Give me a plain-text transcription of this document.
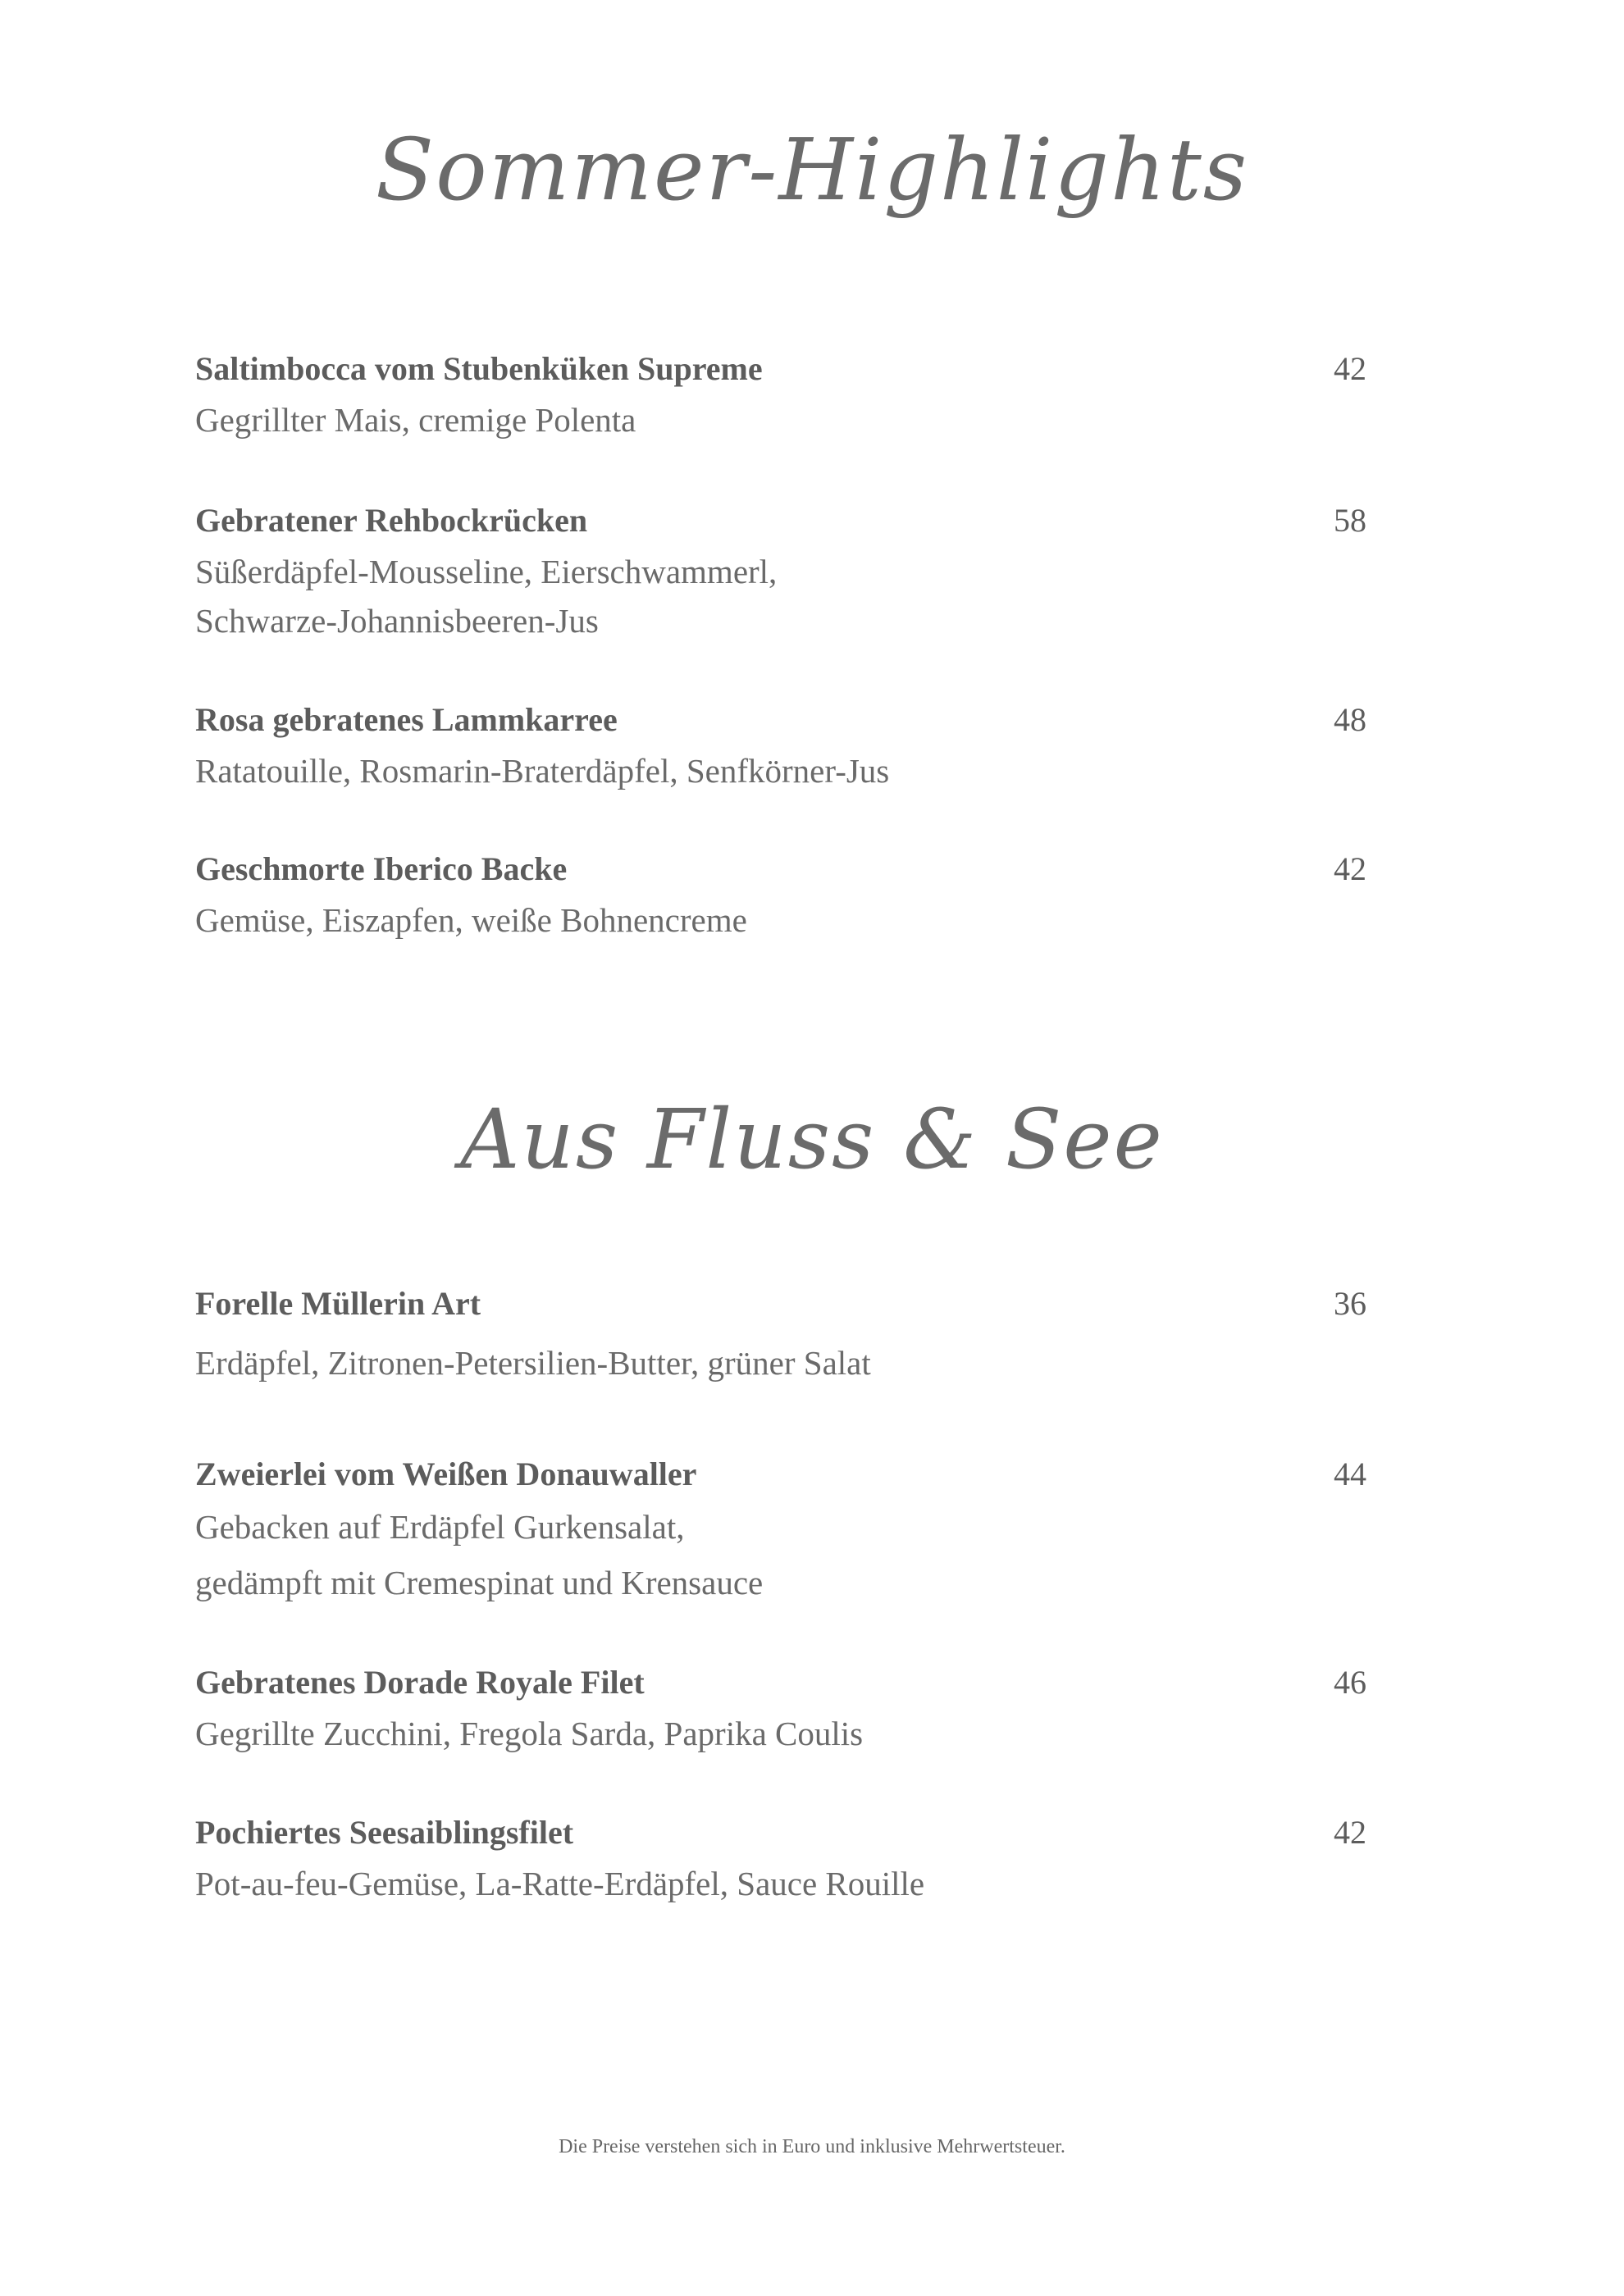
Sommer-Highlights
Saltimbocca vom Stubenküken Supreme	42
Gegrillter Mais, cremige Polenta
Gebratener Rehbockrücken	58
Süßerdäpfel-Mousseline, Eierschwammerl,
Schwarze-Johannisbeeren-Jus
Rosa gebratenes Lammkarree	48
Ratatouille, Rosmarin-Braterdäpfel, Senfkörner-Jus
Geschmorte Iberico Backe	42
Gemüse, Eiszapfen, weiße Bohnencreme
Aus Fluss & See
Forelle Müllerin Art	36
Erdäpfel, Zitronen-Petersilien-Butter, grüner Salat
Zweierlei vom Weißen Donauwaller	44
Gebacken auf Erdäpfel Gurkensalat,
gedämpft mit Cremespinat und Krensauce
Gebratenes Dorade Royale Filet	46
Gegrillte Zucchini, Fregola Sarda, Paprika Coulis
Pochiertes Seesaiblingsfilet	42
Pot-au-feu-Gemüse, La-Ratte-Erdäpfel, Sauce Rouille
Die Preise verstehen sich in Euro und inklusive Mehrwertsteuer.
